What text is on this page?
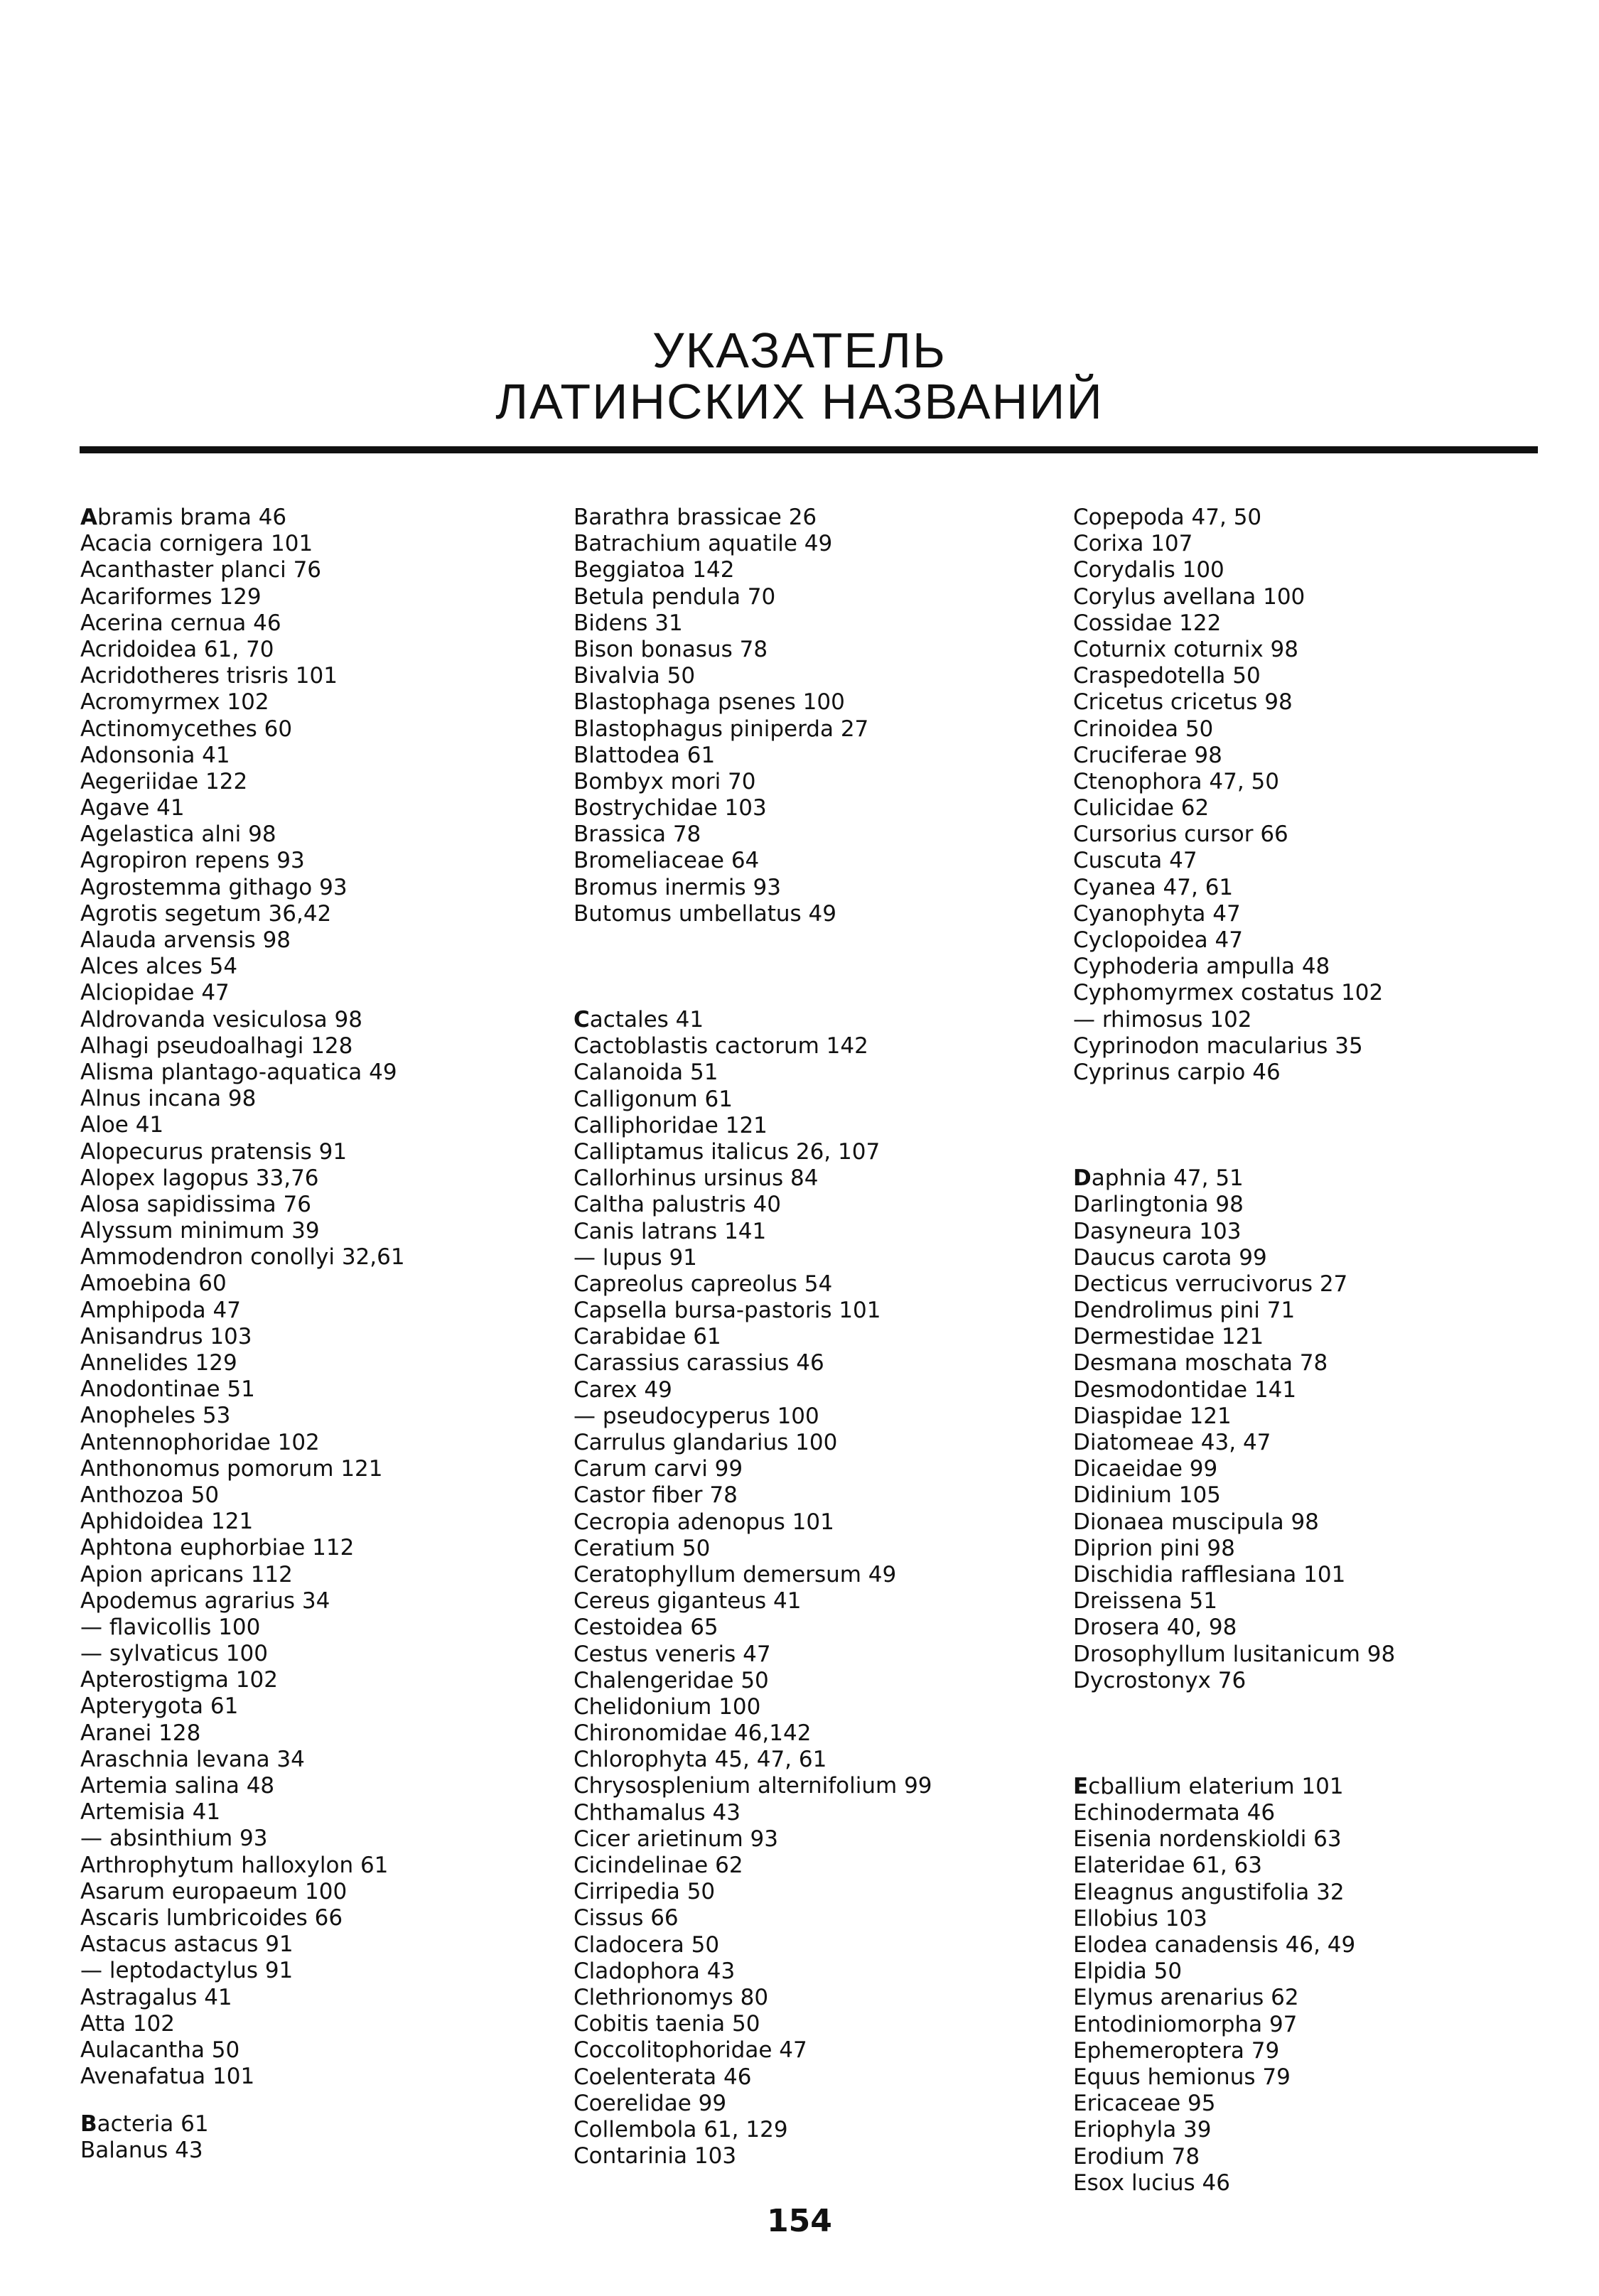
УКАЗАТЕЛЬ
ЛАТИНСКИХ НАЗВАНИЙ
Abramis brama 46
Acacia cornigera 101
Acanthaster planci 76
Acariformes 129
Acerina cernua 46
Acridoidea 61, 70
Acridotheres trisris 101
Acromyrmex 102
Actinomycethes 60
Adonsonia 41
Aegeriidae 122
Agave 41
Agelastica alni 98
Agropiron repens 93
Agrostemma githago 93
Agrotis segetum 36,42
Alauda arvensis 98
Alces alces 54
Alciopidae 47
Aldrovanda vesiculosa 98
Alhagi pseudoalhagi 128
Alisma plantago-aquatica 49
Alnus incana 98
Aloe 41
Alopecurus pratensis 91
Alopex lagopus 33,76
Alosa sapidissima 76
Alyssum minimum 39
Ammodendron conollyi 32,61
Amoebina 60
Amphipoda 47
Anisandrus 103
Annelides 129
Anodontinae 51
Anopheles 53
Antennophoridae 102
Anthonomus pomorum 121
Anthozoa 50
Aphidoidea 121
Aphtona euphorbiae 112
Apion apricans 112
Apodemus agrarius 34
— flavicollis 100
— sylvaticus 100
Apterostigma 102
Apterygota 61
Aranei 128
Araschnia levana 34
Artemia salina 48
Artemisia 41
— absinthium 93
Arthrophytum halloxylon 61
Asarum europaeum 100
Ascaris lumbricoides 66
Astacus astacus 91
— leptodactylus 91
Astragalus 41
Atta 102
Aulacantha 50
Avenafatua 101
Bacteria 61
Balanus 43
Barathra brassicae 26
Batrachium aquatile 49
Beggiatoa 142
Betula pendula 70
Bidens 31
Bison bonasus 78
Bivalvia 50
Blastophaga psenes 100
Blastophagus piniperda 27
Blattodea 61
Bombyx mori 70
Bostrychidae 103
Brassica 78
Bromeliaceae 64
Bromus inermis 93
Butomus umbellatus 49
Cactales 41
Cactoblastis cactorum 142
Calanoida 51
Calligonum 61
Calliphoridae 121
Calliptamus italicus 26, 107
Callorhinus ursinus 84
Caltha palustris 40
Canis latrans 141
— lupus 91
Capreolus capreolus 54
Capsella bursa-pastoris 101
Carabidae 61
Carassius carassius 46
Carex 49
— pseudocyperus 100
Carrulus glandarius 100
Carum carvi 99
Castor fiber 78
Cecropia adenopus 101
Ceratium 50
Ceratophyllum demersum 49
Cereus giganteus 41
Cestoidea 65
Cestus veneris 47
Chalengeridae 50
Chelidonium 100
Chironomidae 46,142
Chlorophyta 45, 47, 61
Chrysosplenium alternifolium 99
Chthamalus 43
Cicer arietinum 93
Cicindelinae 62
Cirripedia 50
Cissus 66
Cladocera 50
Cladophora 43
Clethrionomys 80
Cobitis taenia 50
Coccolitophoridae 47
Coelenterata 46
Coerelidae 99
Collembola 61, 129
Contarinia 103
Copepoda 47, 50
Corixa 107
Corydalis 100
Corylus avellana 100
Cossidae 122
Coturnix coturnix 98
Craspedotella 50
Cricetus cricetus 98
Crinoidea 50
Cruciferae 98
Ctenophora 47, 50
Culicidae 62
Cursorius cursor 66
Cuscuta 47
Cyanea 47, 61
Cyanophyta 47
Cyclopoidea 47
Cyphoderia ampulla 48
Cyphomyrmex costatus 102
— rhimosus 102
Cyprinodon macularius 35
Cyprinus carpio 46
Daphnia 47, 51
Darlingtonia 98
Dasyneura 103
Daucus carota 99
Decticus verrucivorus 27
Dendrolimus pini 71
Dermestidae 121
Desmana moschata 78
Desmodontidae 141
Diaspidae 121
Diatomeae 43, 47
Dicaeidae 99
Didinium 105
Dionaea muscipula 98
Diprion pini 98
Dischidia rafflesiana 101
Dreissena 51
Drosera 40, 98
Drosophyllum lusitanicum 98
Dycrostonyx 76
Ecballium elaterium 101
Echinodermata 46
Eisenia nordenskioldi 63
Elateridae 61, 63
Eleagnus angustifolia 32
Ellobius 103
Elodea canadensis 46, 49
Elpidia 50
Elymus arenarius 62
Entodiniomorpha 97
Ephemeroptera 79
Equus hemionus 79
Ericaceae 95
Eriophyla 39
Erodium 78
Esox lucius 46
154
